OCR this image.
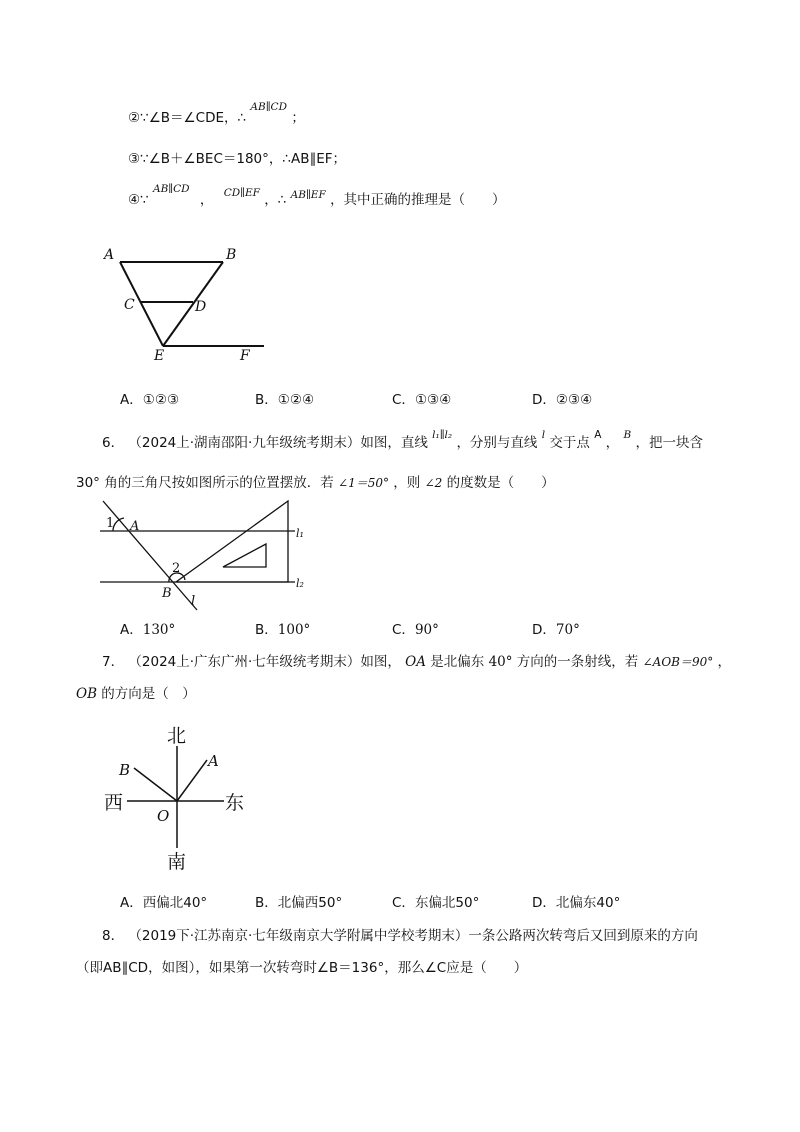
②∵∠B＝∠CDE，∴ $^{AB\parallel CD}$ ；
③∵∠B＋∠BEC＝180°，∴AB∥EF；
④∵ $^{AB\parallel CD}$ ， $^{CD\parallel EF}$ ，∴ $^{AB\parallel EF}$ ，其中正确的推理是（　　）
A	B
C	D
E	F
A．①②③	B．①②④	C．①③④	D．②③④
6． （2024上·湖南邵阳·九年级统考期末）如图，直线 $^{l_1\parallel l_2}$ ，分别与直线 $^l$ 交于点 $^A$ ， $^B$ ，把一块含
30° 角的三角尺按如图所示的位置摆放．若 ∠1＝50° ，则 ∠2 的度数是（　　）
1 A
2
B
l
l₁
l₂
A．130°	B．100°	C．90°	D．70°
7． （2024上·广东广州·七年级统考期末）如图， OA 是北偏东 40° 方向的一条射线，若 ∠AOB＝90° ，
OB 的方向是（　）
北
南
东
西
A
B
O
A．西偏北40°	B．北偏西50°	C．东偏北50°	D．北偏东40°
8． （2019下·江苏南京·七年级南京大学附属中学校考期末）一条公路两次转弯后又回到原来的方向
（即AB∥CD，如图），如果第一次转弯时∠B＝136°，那么∠C应是（　　）
